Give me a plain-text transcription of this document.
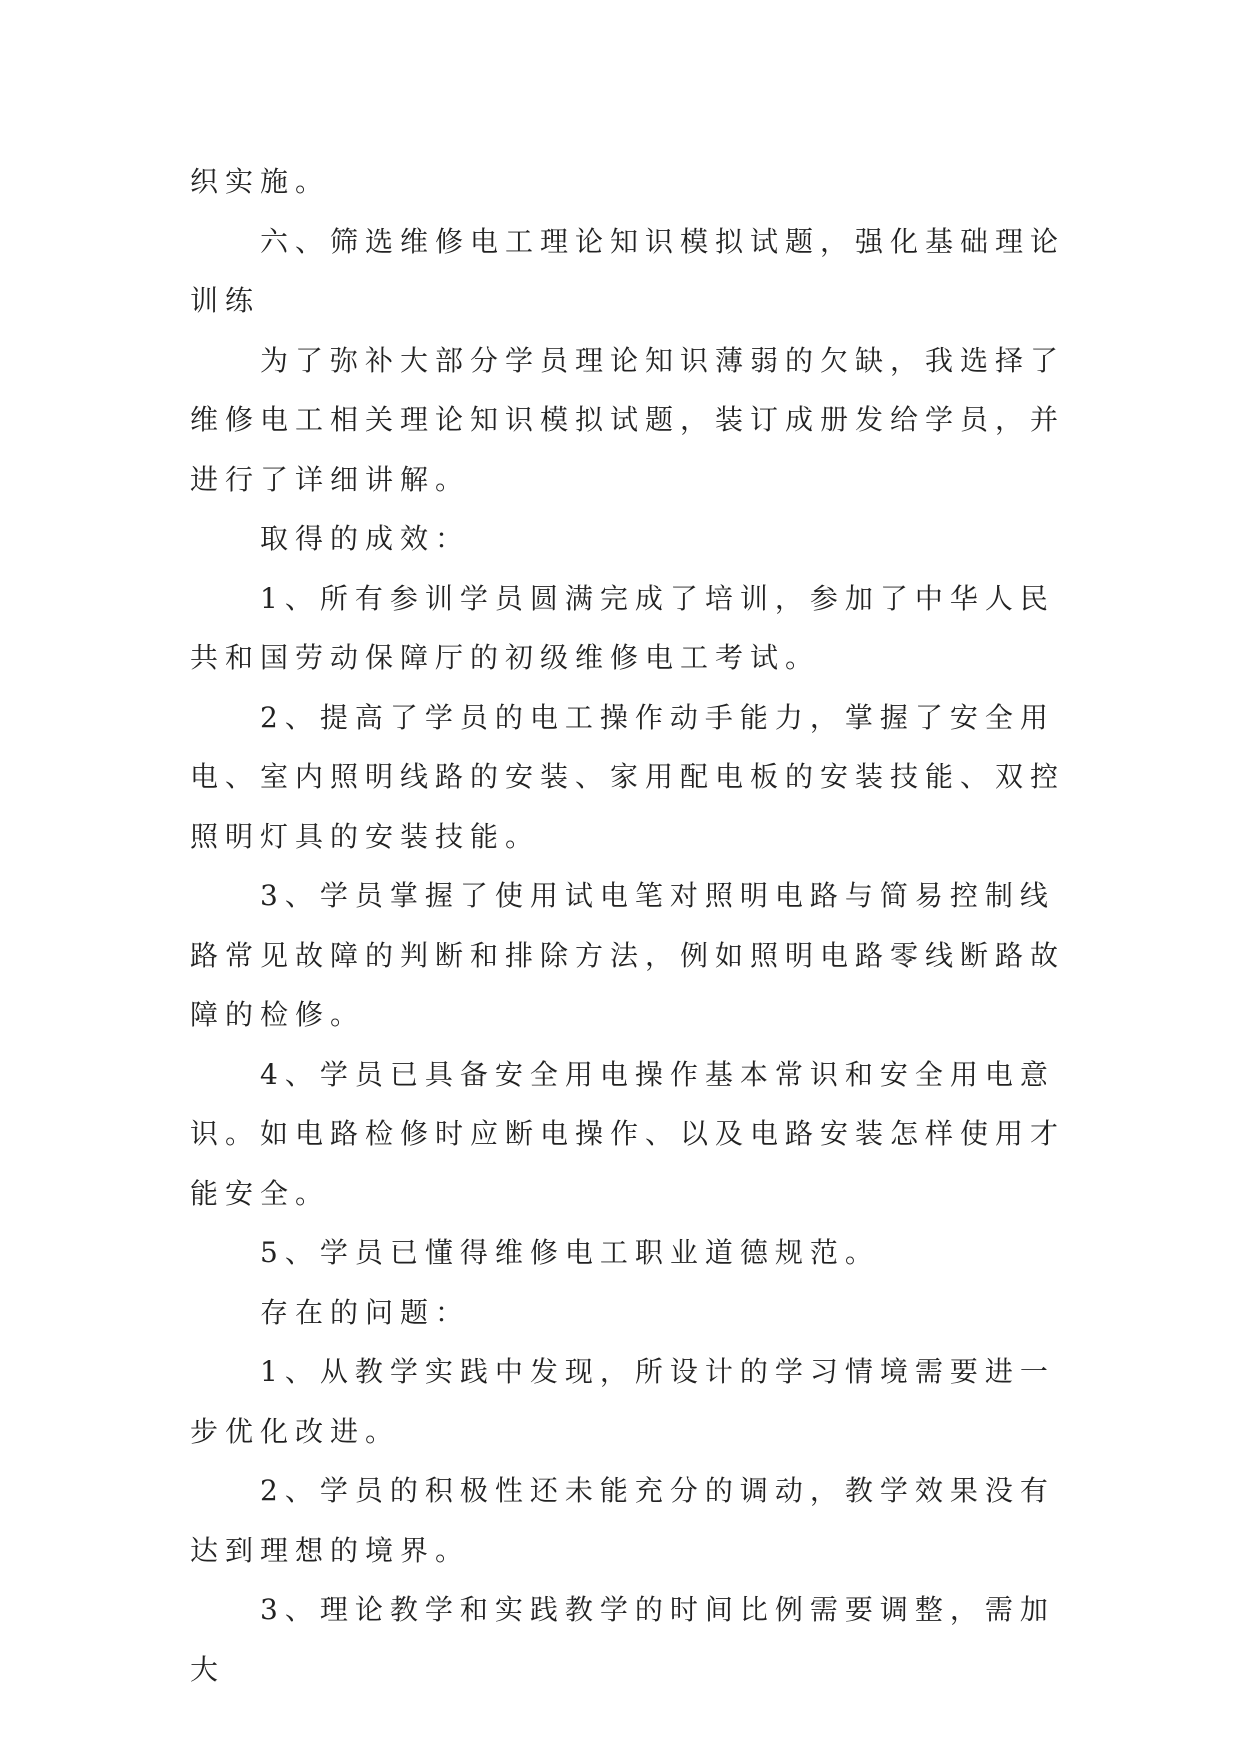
织实施。

六、筛选维修电工理论知识模拟试题，强化基础理论训练

为了弥补大部分学员理论知识薄弱的欠缺，我选择了维修电工相关理论知识模拟试题，装订成册发给学员，并进行了详细讲解。

取得的成效：

1、所有参训学员圆满完成了培训，参加了中华人民共和国劳动保障厅的初级维修电工考试。

2、提高了学员的电工操作动手能力，掌握了安全用电、室内照明线路的安装、家用配电板的安装技能、双控照明灯具的安装技能。

3、学员掌握了使用试电笔对照明电路与简易控制线路常见故障的判断和排除方法，例如照明电路零线断路故障的检修。

4、学员已具备安全用电操作基本常识和安全用电意识。如电路检修时应断电操作、以及电路安装怎样使用才能安全。

5、学员已懂得维修电工职业道德规范。

存在的问题：

1、从教学实践中发现，所设计的学习情境需要进一步优化改进。

2、学员的积极性还未能充分的调动，教学效果没有达到理想的境界。

3、理论教学和实践教学的时间比例需要调整，需加大
